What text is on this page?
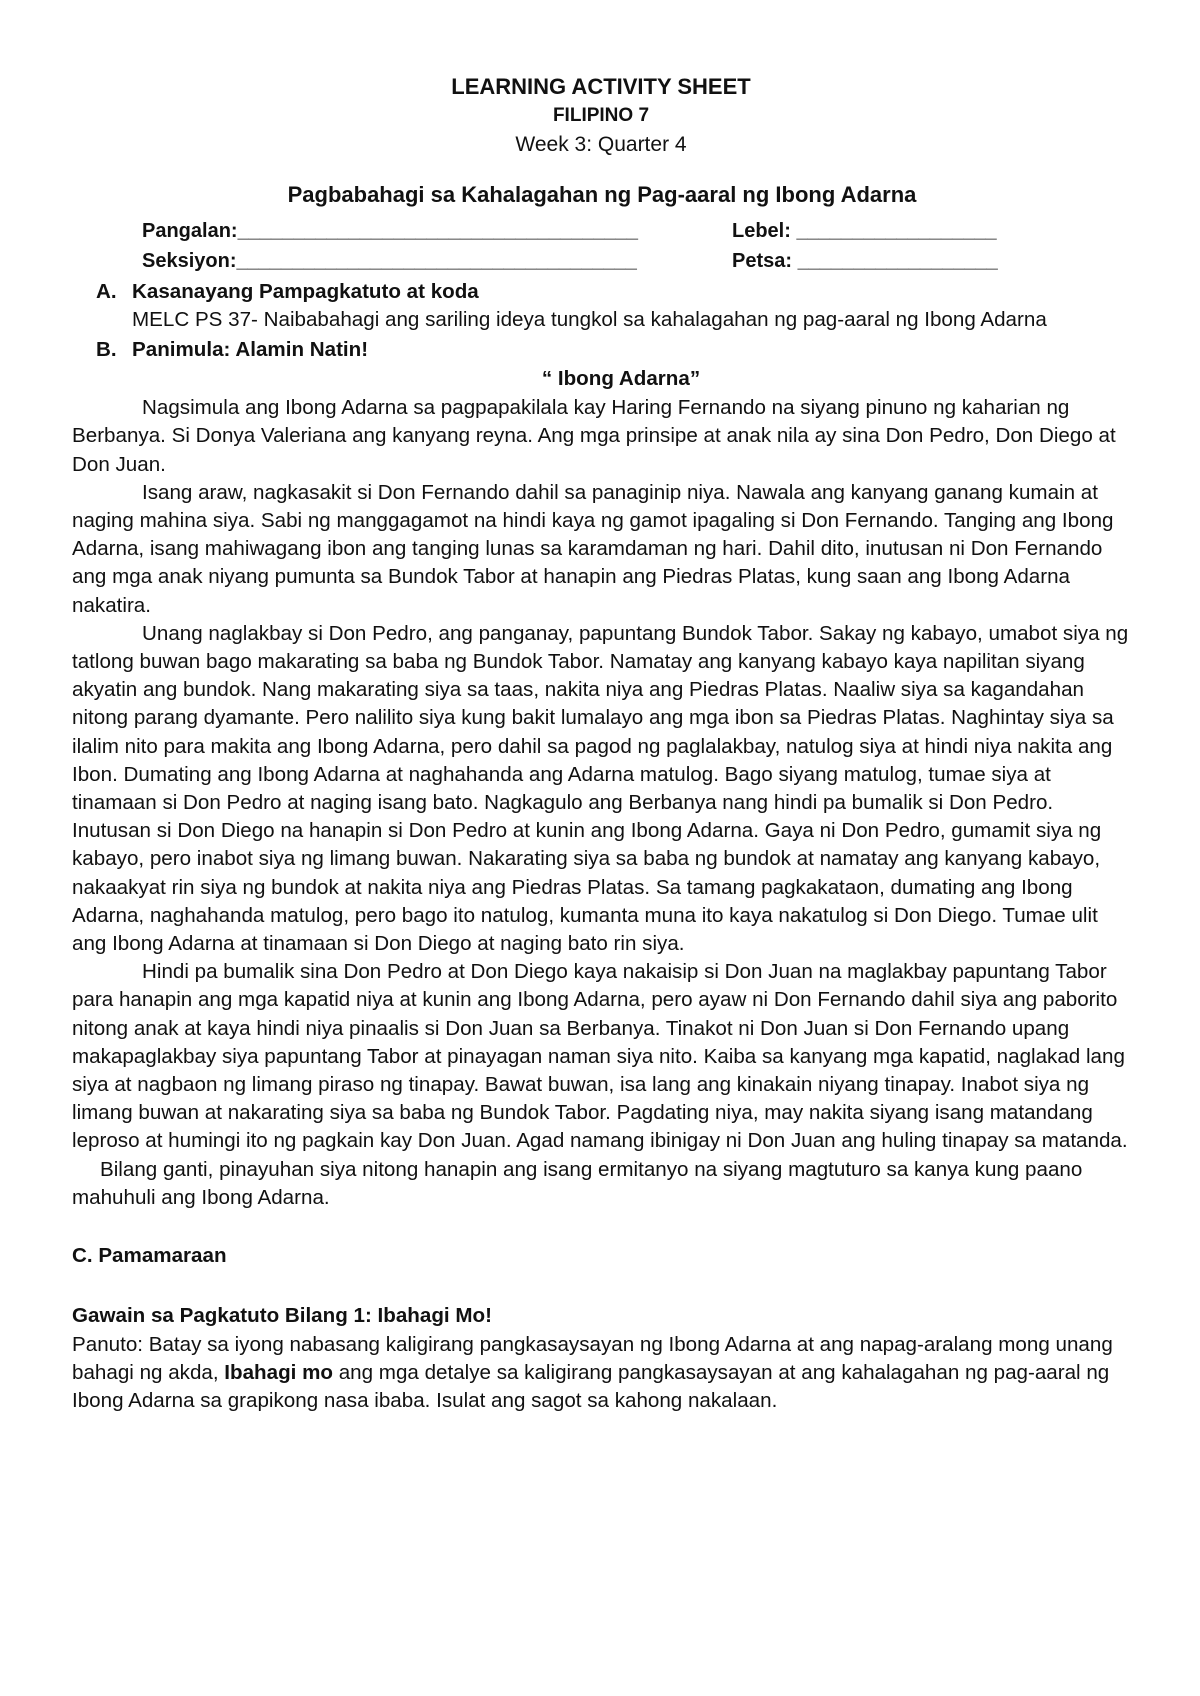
LEARNING ACTIVITY SHEET
FILIPINO 7
Week 3: Quarter 4
Pagbabahagi sa Kahalagahan ng Pag-aaral ng Ibong Adarna
Pangalan:____________________________________	Lebel: __________________
Seksiyon:____________________________________	Petsa: __________________
A. Kasanayang Pampagkatuto at koda
MELC PS 37- Naibabahagi ang sariling ideya tungkol sa kahalagahan ng pag-aaral ng Ibong Adarna
B. Panimula: Alamin Natin!
“ Ibong Adarna”

Nagsimula ang Ibong Adarna sa pagpapakilala kay Haring Fernando na siyang pinuno ng kaharian ng Berbanya. Si Donya Valeriana ang kanyang reyna. Ang mga prinsipe at anak nila ay sina Don Pedro, Don Diego at Don Juan.

Isang araw, nagkasakit si Don Fernando dahil sa panaginip niya. Nawala ang kanyang ganang kumain at naging mahina siya. Sabi ng manggagamot na hindi kaya ng gamot ipagaling si Don Fernando. Tanging ang Ibong Adarna, isang mahiwagang ibon ang tanging lunas sa karamdaman ng hari. Dahil dito, inutusan ni Don Fernando ang mga anak niyang pumunta sa Bundok Tabor at hanapin ang Piedras Platas, kung saan ang Ibong Adarna nakatira.

Unang naglakbay si Don Pedro, ang panganay, papuntang Bundok Tabor. Sakay ng kabayo, umabot siya ng tatlong buwan bago makarating sa baba ng Bundok Tabor. Namatay ang kanyang kabayo kaya napilitan siyang akyatin ang bundok. Nang makarating siya sa taas, nakita niya ang Piedras Platas. Naaliw siya sa kagandahan nitong parang dyamante. Pero nalilito siya kung bakit lumalayo ang mga ibon sa Piedras Platas. Naghintay siya sa ilalim nito para makita ang Ibong Adarna, pero dahil sa pagod ng paglalakbay, natulog siya at hindi niya nakita ang Ibon. Dumating ang Ibong Adarna at naghahanda ang Adarna matulog. Bago siyang matulog, tumae siya at tinamaan si Don Pedro at naging isang bato. Nagkagulo ang Berbanya nang hindi pa bumalik si Don Pedro. Inutusan si Don Diego na hanapin si Don Pedro at kunin ang Ibong Adarna. Gaya ni Don Pedro, gumamit siya ng kabayo, pero inabot siya ng limang buwan. Nakarating siya sa baba ng bundok at namatay ang kanyang kabayo, nakaakyat rin siya ng bundok at nakita niya ang Piedras Platas. Sa tamang pagkakataon, dumating ang Ibong Adarna, naghahanda matulog, pero bago ito natulog, kumanta muna ito kaya nakatulog si Don Diego. Tumae ulit ang Ibong Adarna at tinamaan si Don Diego at naging bato rin siya.

Hindi pa bumalik sina Don Pedro at Don Diego kaya nakaisip si Don Juan na maglakbay papuntang Tabor para hanapin ang mga kapatid niya at kunin ang Ibong Adarna, pero ayaw ni Don Fernando dahil siya ang paborito nitong anak at kaya hindi niya pinaalis si Don Juan sa Berbanya. Tinakot ni Don Juan si Don Fernando upang makapaglakbay siya papuntang Tabor at pinayagan naman siya nito. Kaiba sa kanyang mga kapatid, naglakad lang siya at nagbaon ng limang piraso ng tinapay. Bawat buwan, isa lang ang kinakain niyang tinapay. Inabot siya ng limang buwan at nakarating siya sa baba ng Bundok Tabor. Pagdating niya, may nakita siyang isang matandang leproso at humingi ito ng pagkain kay Don Juan. Agad namang ibinigay ni Don Juan ang huling tinapay sa matanda.

Bilang ganti, pinayuhan siya nitong hanapin ang isang ermitanyo na siyang magtuturo sa kanya kung paano mahuhuli ang Ibong Adarna.

C. Pamamaraan
Gawain sa Pagkatuto Bilang 1: Ibahagi Mo!

Panuto: Batay sa iyong nabasang kaligirang pangkasaysayan ng Ibong Adarna at ang napag-aralang mong unang bahagi ng akda, Ibahagi mo ang mga detalye sa kaligirang pangkasaysayan at ang kahalagahan ng pag-aaral ng Ibong Adarna sa grapikong nasa ibaba. Isulat ang sagot sa kahong nakalaan.
